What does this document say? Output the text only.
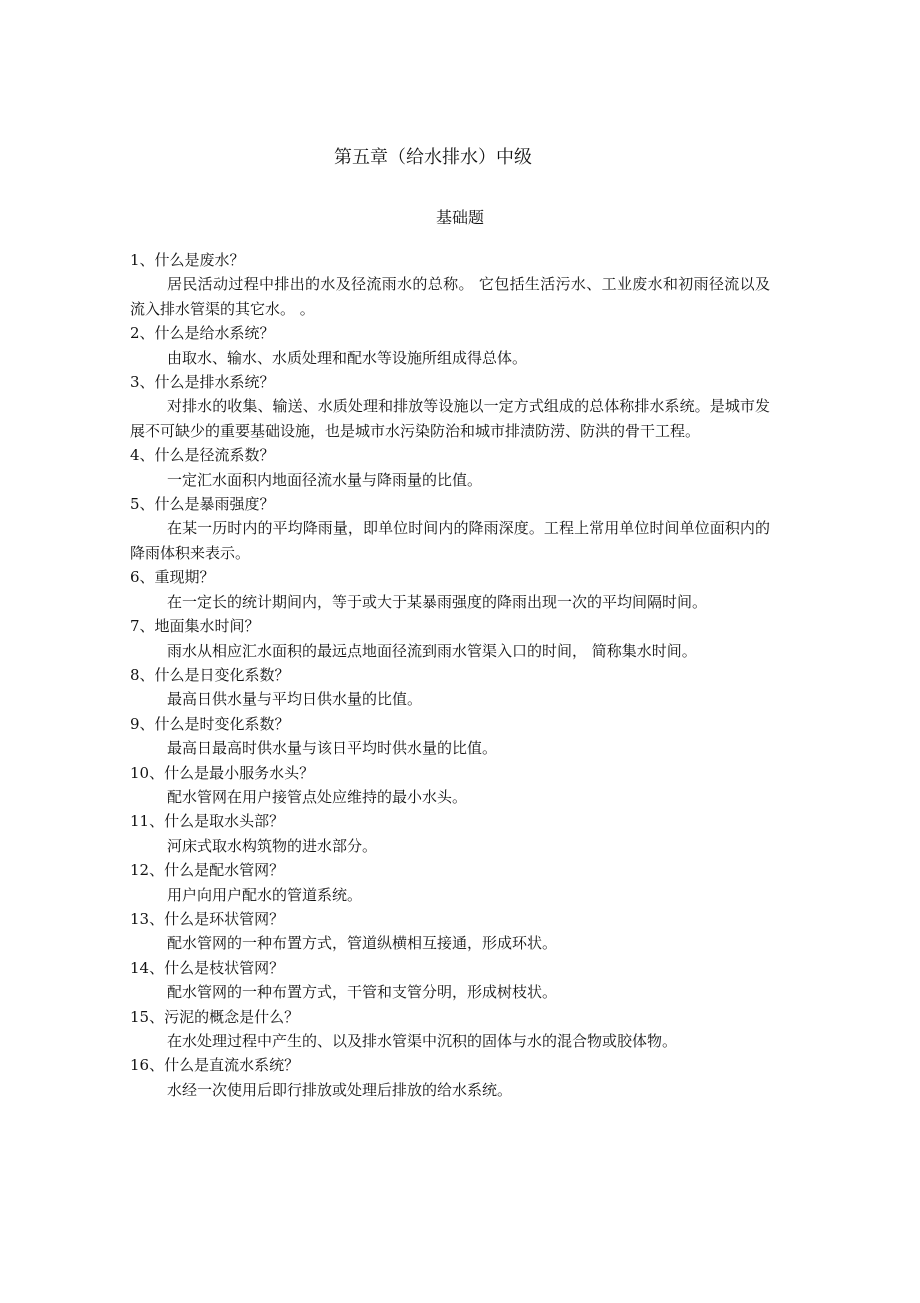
第五章（给水排水）中级
基础题
1、什么是废水？
居民活动过程中排出的水及径流雨水的总称。 它包括生活污水、工业废水和初雨径流以及流入排水管渠的其它水。 。
2、什么是给水系统？
由取水、输水、水质处理和配水等设施所组成得总体。
3、什么是排水系统？
对排水的收集、输送、水质处理和排放等设施以一定方式组成的总体称排水系统。是城市发展不可缺少的重要基础设施，也是城市水污染防治和城市排渍防涝、防洪的骨干工程。
4、什么是径流系数？
一定汇水面积内地面径流水量与降雨量的比值。
5、什么是暴雨强度？
在某一历时内的平均降雨量，即单位时间内的降雨深度。工程上常用单位时间单位面积内的降雨体积来表示。
6、重现期？
在一定长的统计期间内，等于或大于某暴雨强度的降雨出现一次的平均间隔时间。
7、地面集水时间？
雨水从相应汇水面积的最远点地面径流到雨水管渠入口的时间， 简称集水时间。
8、什么是日变化系数？
最高日供水量与平均日供水量的比值。
9、什么是时变化系数？
最高日最高时供水量与该日平均时供水量的比值。
10、什么是最小服务水头？
配水管网在用户接管点处应维持的最小水头。
11、什么是取水头部？
河床式取水构筑物的进水部分。
12、什么是配水管网？
用户向用户配水的管道系统。
13、什么是环状管网？
配水管网的一种布置方式，管道纵横相互接通，形成环状。
14、什么是枝状管网？
配水管网的一种布置方式，干管和支管分明，形成树枝状。
15、污泥的概念是什么？
在水处理过程中产生的、以及排水管渠中沉积的固体与水的混合物或胶体物。
16、什么是直流水系统？
水经一次使用后即行排放或处理后排放的给水系统。
